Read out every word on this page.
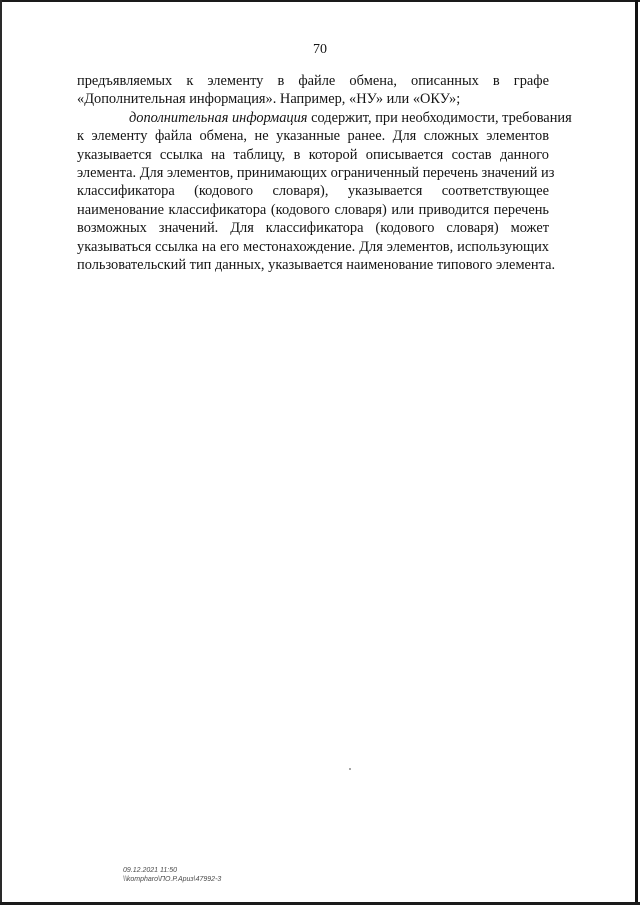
70
предъявляемых к элементу в файле обмена, описанных в графе
«Дополнительная информация». Например, «НУ» или «ОКУ»;
дополнительная информация содержит, при необходимости, требования
к элементу файла обмена, не указанные ранее. Для сложных элементов
указывается ссылка на таблицу, в которой описывается состав данного
элемента. Для элементов, принимающих ограниченный перечень значений из
классификатора (кодового словаря), указывается соответствующее
наименование классификатора (кодового словаря) или приводится перечень
возможных значений. Для классификатора (кодового словаря) может
указываться ссылка на его местонахождение. Для элементов, использующих
пользовательский тип данных, указывается наименование типового элемента.
09.12.2021 11:50
\\kompharo\ПО.Р.Ариз\47992-3
